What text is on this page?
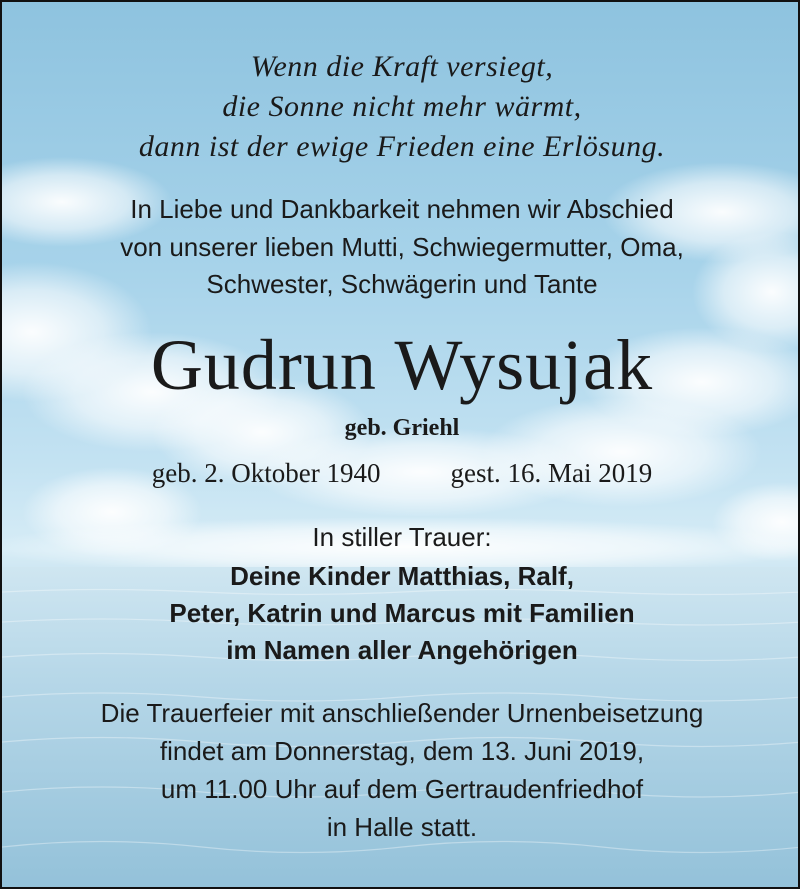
Wenn die Kraft versiegt,
die Sonne nicht mehr wärmt,
dann ist der ewige Frieden eine Erlösung.
In Liebe und Dankbarkeit nehmen wir Abschied
von unserer lieben Mutti, Schwiegermutter, Oma,
Schwester, Schwägerin und Tante
Gudrun Wysujak
geb. Griehl
geb. 2. Oktober 1940	gest. 16. Mai 2019
In stiller Trauer:
Deine Kinder Matthias, Ralf,
Peter, Katrin und Marcus mit Familien
im Namen aller Angehörigen
Die Trauerfeier mit anschließender Urnenbeisetzung
findet am Donnerstag, dem 13. Juni 2019,
um 11.00 Uhr auf dem Gertraudenfriedhof
in Halle statt.
